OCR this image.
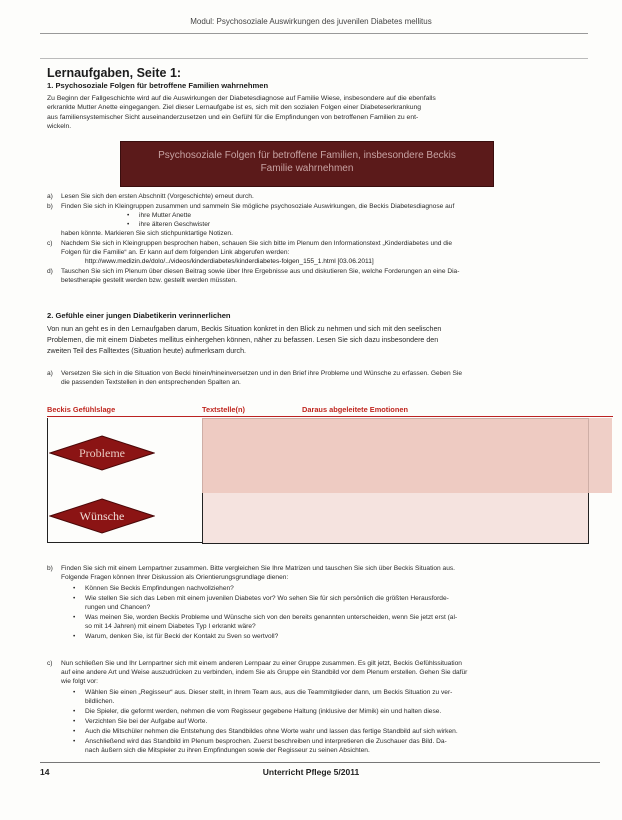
Modul: Psychosoziale Auswirkungen des juvenilen Diabetes mellitus
Lernaufgaben, Seite 1:
1. Psychosoziale Folgen für betroffene Familien wahrnehmen
Zu Beginn der Fallgeschichte wird auf die Auswirkungen der Diabetesdiagnose auf Familie Wiese, insbesondere auf die ebenfalls
erkrankte Mutter Anette eingegangen. Ziel dieser Lernaufgabe ist es, sich mit den sozialen Folgen einer Diabeteserkrankung
aus familiensystemischer Sicht auseinanderzusetzen und ein Gefühl für die Empfindungen von betroffenen Familien zu ent-
wickeln.
Psychosoziale Folgen für betroffene Familien, insbesondere Beckis
Familie wahrnehmen
a) Lesen Sie sich den ersten Abschnitt (Vorgeschichte) erneut durch.
b) Finden Sie sich in Kleingruppen zusammen und sammeln Sie mögliche psychosoziale Auswirkungen, die Beckis Diabetesdiagnose auf
• ihre Mutter Anette
• ihre älteren Geschwister
haben könnte. Markieren Sie sich stichpunktartige Notizen.
c) Nachdem Sie sich in Kleingruppen besprochen haben, schauen Sie sich bitte im Plenum den Informationstext „Kinderdiabetes und die
Folgen für die Familie“ an. Er kann auf dem folgenden Link abgerufen werden:
http://www.medizin.de/dolo/../videos/kinderdiabetes/kinderdiabetes-folgen_155_1.html [03.06.2011]
d) Tauschen Sie sich im Plenum über diesen Beitrag sowie über Ihre Ergebnisse aus und diskutieren Sie, welche Forderungen an eine Dia-
betestherapie gestellt werden bzw. gestellt werden müssten.
2. Gefühle einer jungen Diabetikerin verinnerlichen
Von nun an geht es in den Lernaufgaben darum, Beckis Situation konkret in den Blick zu nehmen und sich mit den seelischen
Problemen, die mit einem Diabetes mellitus einhergehen können, näher zu befassen. Lesen Sie sich dazu insbesondere den
zweiten Teil des Falltextes (Situation heute) aufmerksam durch.
a) Versetzen Sie sich in die Situation von Becki hinein/hineinversetzen und in den Brief ihre Probleme und Wünsche zu erfassen. Geben Sie
die passenden Textstellen in den entsprechenden Spalten an.
Beckis Gefühlslage	Textstelle(n)	Daraus abgeleitete Emotionen
Probleme
Wünsche
b) Finden Sie sich mit einem Lernpartner zusammen. Bitte vergleichen Sie Ihre Matrizen und tauschen Sie sich über Beckis Situation aus.
Folgende Fragen können Ihrer Diskussion als Orientierungsgrundlage dienen:
• Können Sie Beckis Empfindungen nachvollziehen?
• Wie stellen Sie sich das Leben mit einem juvenilen Diabetes vor? Wo sehen Sie für sich persönlich die größten Herausforde-
rungen und Chancen?
• Was meinen Sie, worden Beckis Probleme und Wünsche sich von den bereits genannten unterscheiden, wenn Sie jetzt erst (al-
so mit 14 Jahren) mit einem Diabetes Typ I erkrankt wäre?
• Warum, denken Sie, ist für Becki der Kontakt zu Sven so wertvoll?
c) Nun schließen Sie und Ihr Lernpartner sich mit einem anderen Lernpaar zu einer Gruppe zusammen. Es gilt jetzt, Beckis Gefühlssituation
auf eine andere Art und Weise auszudrücken zu verbinden, indem Sie als Gruppe ein Standbild vor dem Plenum erstellen. Gehen Sie dafür
wie folgt vor:
• Wählen Sie einen „Regisseur“ aus. Dieser stellt, in Ihrem Team aus, aus die Teammitglieder dann, um Beckis Situation zu ver-
bildlichen.
• Die Spieler, die geformt werden, nehmen die vom Regisseur gegebene Haltung (inklusive der Mimik) ein und halten diese.
• Verzichten Sie bei der Aufgabe auf Worte.
• Auch die Mitschüler nehmen die Entstehung des Standbildes ohne Worte wahr und lassen das fertige Standbild auf sich wirken.
• Anschließend wird das Standbild im Plenum besprochen. Zuerst beschreiben und interpretieren die Zuschauer das Bild. Da-
nach äußern sich die Mitspieler zu ihren Empfindungen sowie der Regisseur zu seinen Absichten.
14	Unterricht Pflege 5/2011
